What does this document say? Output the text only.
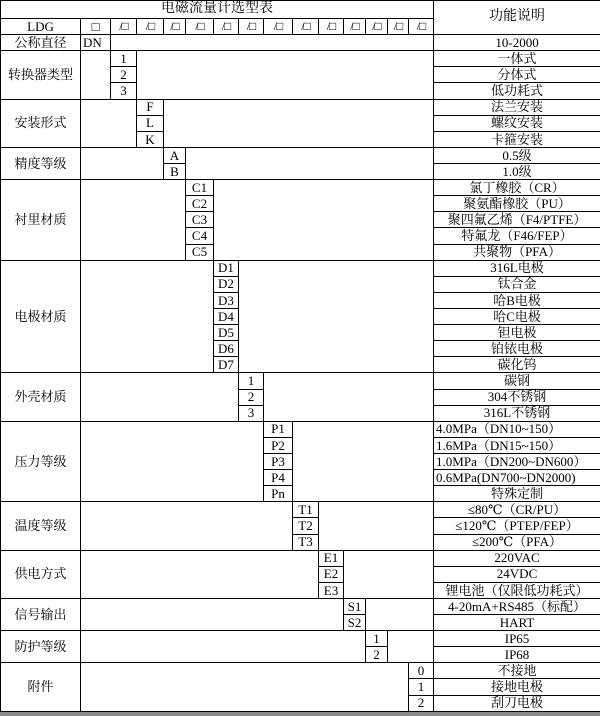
电磁流量计选型表															功能说明
LDG	□	/□	/□	/□	/□	/□	/□	/□	/□	/□	/□	/□	/□	/□	
公称直径	DN														10-2000
转换器类型		1													一体式
		2													分体式
		3													低功耗式
安装形式			F												法兰安装
			L												螺纹安装
			K												卡箍安装
精度等级				A											0.5级
				B											1.0级
衬里材质					C1										氯丁橡胶（CR）
					C2										聚氨酯橡胶（PU）
					C3										聚四氟乙烯（F4/PTFE）
					C4										特氟龙（F46/FEP）
					C5										共聚物（PFA）
电极材质						D1									316L电极
						D2									钛合金
						D3									哈B电极
						D4									哈C电极
						D5									钽电极
						D6									铂铱电极
						D7									碳化钨
外壳材质							1								碳钢
							2								304不锈钢
							3								316L不锈钢
压力等级								P1							4.0MPa（DN10~150）
								P2							1.6MPa（DN15~150）
								P3							1.0MPa（DN200~DN600）
								P4							0.6MPa(DN700~DN2000)
								Pn							特殊定制
温度等级									T1						≤80℃（CR/PU）
									T2						≤120℃（PTEP/FEP）
									T3						≤200℃（PFA）
供电方式										E1					220VAC
										E2					24VDC
										E3					锂电池（仅限低功耗式）
信号输出											S1				4-20mA+RS485（标配）
											S2				HART
防护等级												1			IP65
												2			IP68
附件														0	不接地
														1	接地电极
														2	刮刀电极
